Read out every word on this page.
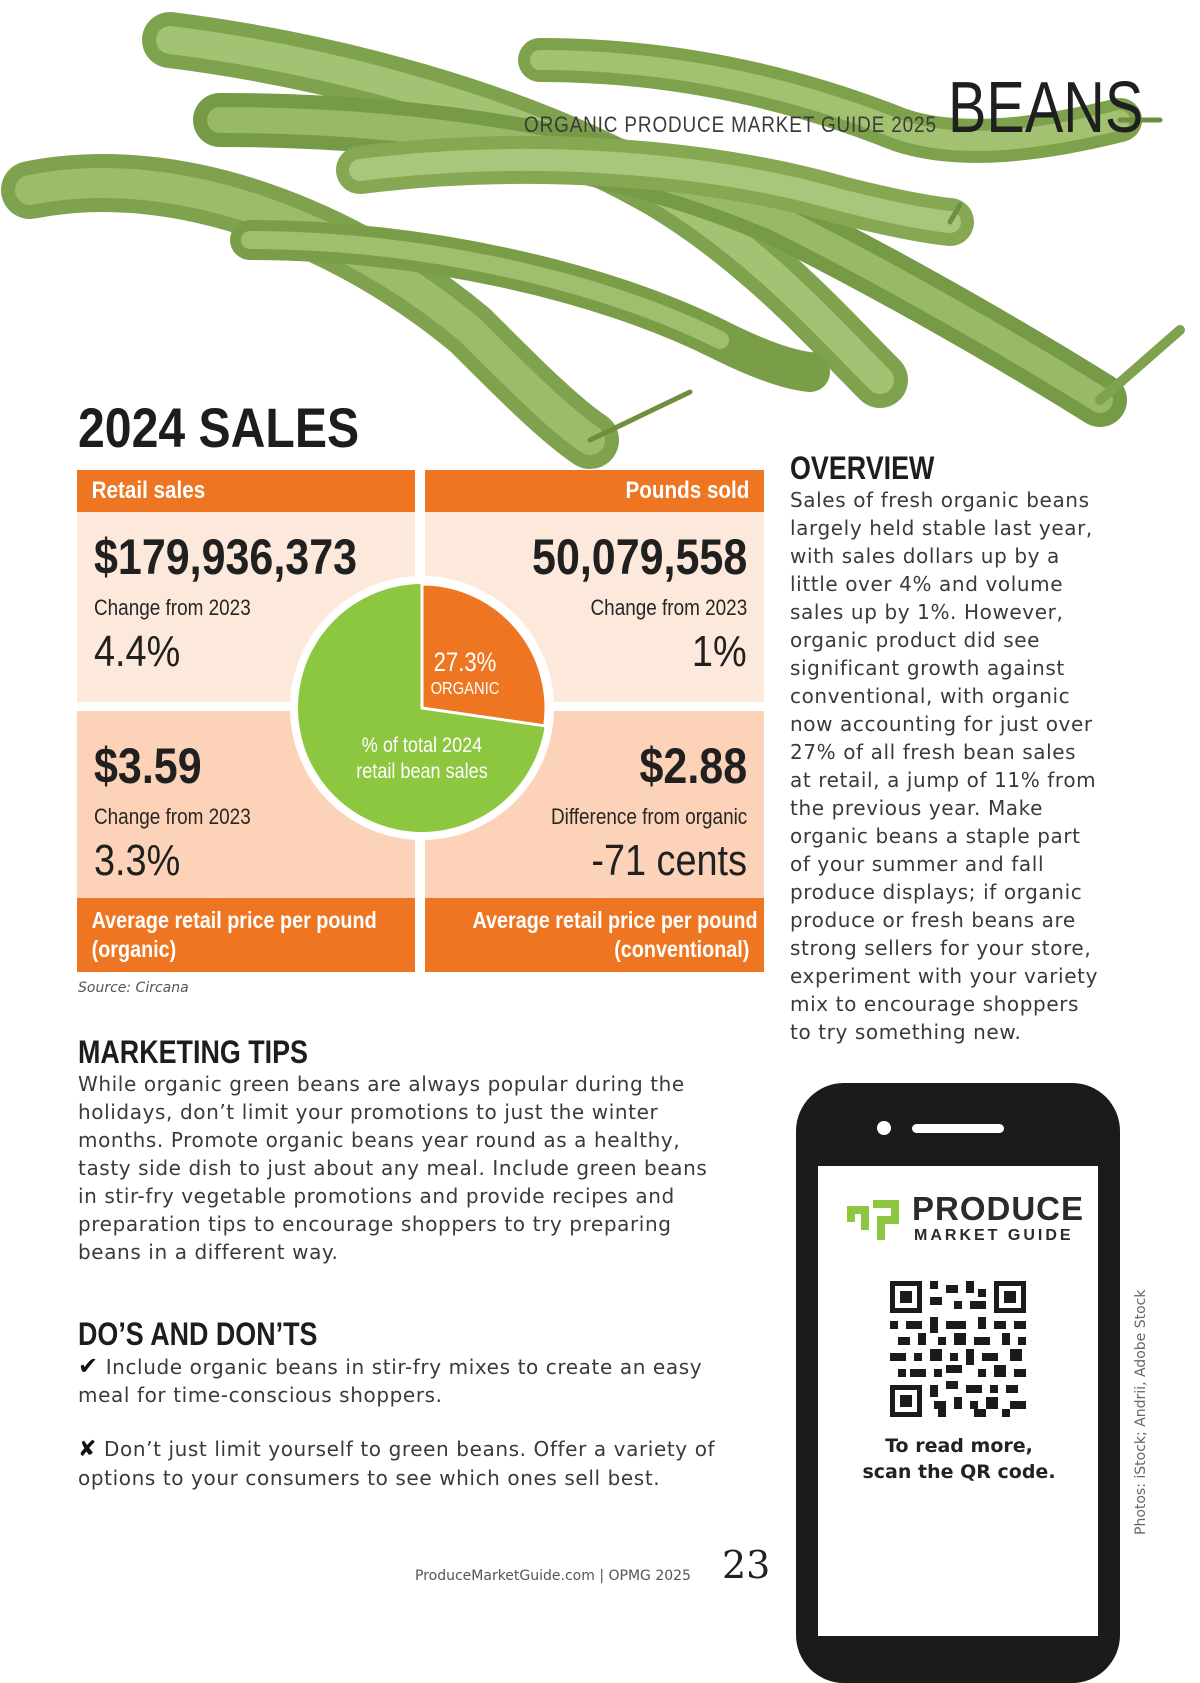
ORGANIC PRODUCE MARKET GUIDE 2025 BEANS
2024 SALES
Retail sales
$179,936,373
Change from 2023
4.4%
Pounds sold
50,079,558
Change from 2023
1%
$3.59
Change from 2023
3.3%
Average retail price per pound
(organic)
$2.88
Difference from organic
-71 cents
Average retail price per pound
(conventional)
27.3%
ORGANIC
% of total 2024
retail bean sales
Source: Circana
OVERVIEW
Sales of fresh organic beans
largely held stable last year,
with sales dollars up by a
little over 4% and volume
sales up by 1%. However,
organic product did see
significant growth against
conventional, with organic
now accounting for just over
27% of all fresh bean sales
at retail, a jump of 11% from
the previous year. Make
organic beans a staple part
of your summer and fall
produce displays; if organic
produce or fresh beans are
strong sellers for your store,
experiment with your variety
mix to encourage shoppers
to try something new.
MARKETING TIPS
While organic green beans are always popular during the
holidays, don’t limit your promotions to just the winter
months. Promote organic beans year round as a healthy,
tasty side dish to just about any meal. Include green beans
in stir-fry vegetable promotions and provide recipes and
preparation tips to encourage shoppers to try preparing
beans in a different way.
DO’S AND DON’TS
✔ Include organic beans in stir-fry mixes to create an easy
meal for time-conscious shoppers.
✘ Don’t just limit yourself to green beans. Offer a variety of
options to your consumers to see which ones sell best.
PRODUCE
MARKET GUIDE
To read more,
scan the QR code.	Photos: iStock; Andrii, Adobe Stock
ProduceMarketGuide.com | OPMG 2025 23
